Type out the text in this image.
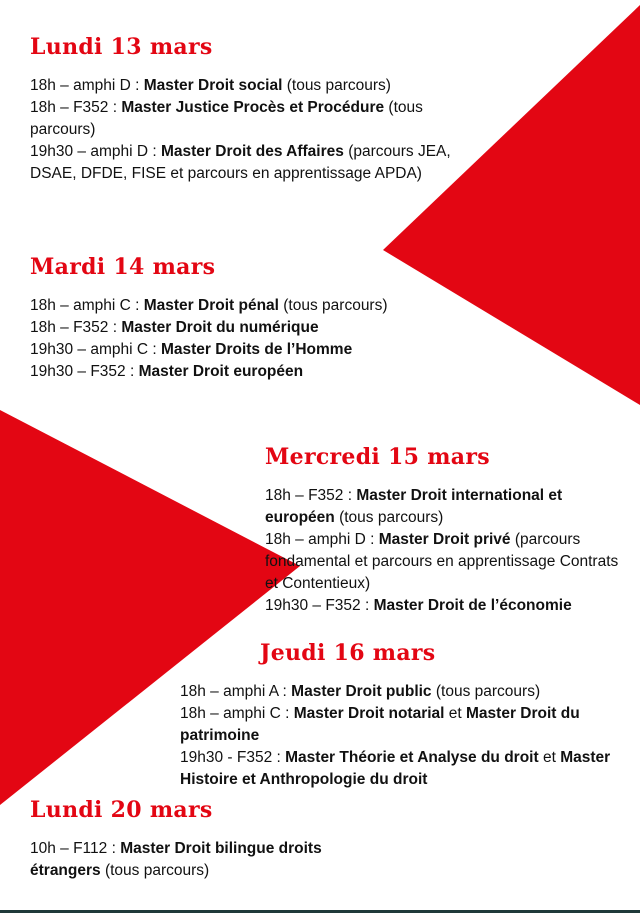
Lundi 13 mars

18h – amphi D : Master Droit social (tous parcours)

18h – F352 : Master Justice Procès et Procédure (tous parcours)

19h30 – amphi D : Master Droit des Affaires (parcours JEA, DSAE, DFDE, FISE et parcours en apprentissage APDA)

Mardi 14 mars

18h – amphi C : Master Droit pénal (tous parcours)

18h – F352 : Master Droit du numérique

19h30 – amphi C : Master Droits de l’Homme

19h30 – F352 : Master Droit européen

Mercredi 15 mars

18h – F352 : Master Droit international et européen (tous parcours)

18h – amphi D : Master Droit privé (parcours fondamental et parcours en apprentissage Contrats et Contentieux)

19h30 – F352 : Master Droit de l’économie

Jeudi 16 mars

18h – amphi A : Master Droit public (tous parcours)

18h – amphi C : Master Droit notarial et Master Droit du patrimoine

19h30 - F352 : Master Théorie et Analyse du droit et Master Histoire et Anthropologie du droit

Lundi 20 mars

10h – F112 : Master Droit bilingue droits étrangers (tous parcours)
